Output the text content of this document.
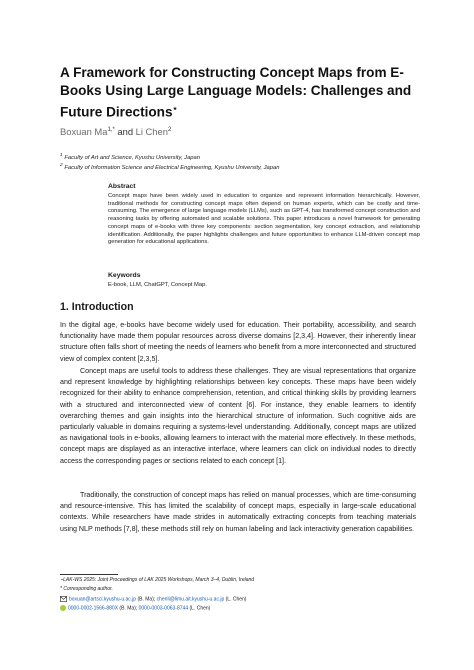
A Framework for Constructing Concept Maps from E-Books Using Large Language Models: Challenges and Future Directions⋆
Boxuan $Ma^{1,*}$ and Li Chen$^2$
$^1$ Faculty of Art and Science, Kyushu University, Japan
$^2$ Faculty of Information Science and Electrical Engineering, Kyushu University, Japan

Abstract

Concept maps have been widely used in education to organize and represent information hierarchically. However, traditional methods for constructing concept maps often depend on human experts, which can be costly and time-consuming. The emergence of large language models (LLMs), such as GPT-4, has transformed concept construction and reasoning tasks by offering automated and scalable solutions. This paper introduces a novel framework for generating concept maps of e-books with three key components: section segmentation, key concept extraction, and relationship identification. Additionally, the paper highlights challenges and future opportunities to enhance LLM-driven concept map generation for educational applications.

Keywords

E-book, LLM, ChatGPT, Concept Map.

1. Introduction

In the digital age, e-books have become widely used for education. Their portability, accessibility, and search functionality have made them popular resources across diverse domains [2,3,4]. However, their inherently linear structure often falls short of meeting the needs of learners who benefit from a more interconnected and structured view of complex content [2,3,5].

Concept maps are useful tools to address these challenges. They are visual representations that organize and represent knowledge by highlighting relationships between key concepts. These maps have been widely recognized for their ability to enhance comprehension, retention, and critical thinking skills by providing learners with a structured and interconnected view of content [6]. For instance, they enable learners to identify overarching themes and gain insights into the hierarchical structure of information. Such cognitive aids are particularly valuable in domains requiring a systems-level understanding. Additionally, concept maps are utilized as navigational tools in e-books, allowing learners to interact with the material more effectively. In these methods, concept maps are displayed as an interactive interface, where learners can click on individual nodes to directly access the corresponding pages or sections related to each concept [1].

Traditionally, the construction of concept maps has relied on manual processes, which are time-consuming and resource-intensive. This has limited the scalability of concept maps, especially in large-scale educational contexts. While researchers have made strides in automatically extracting concepts from teaching materials using NLP methods [7,8], these methods still rely on human labeling and lack interactivity generation capabilities.

⋆LAK-WS 2025: Joint Proceedings of LAK 2025 Workshops, March 3–4, Dublin, Ireland
* Corresponding author.
boxuan@artsci.kyushu-u.ac.jp (B. Ma); chenli@limu.ait.kyushu-u.ac.jp (L. Chen)
0000-0002-1566-880X (B. Ma); 0000-0003-0063-8744 (L. Chen)
